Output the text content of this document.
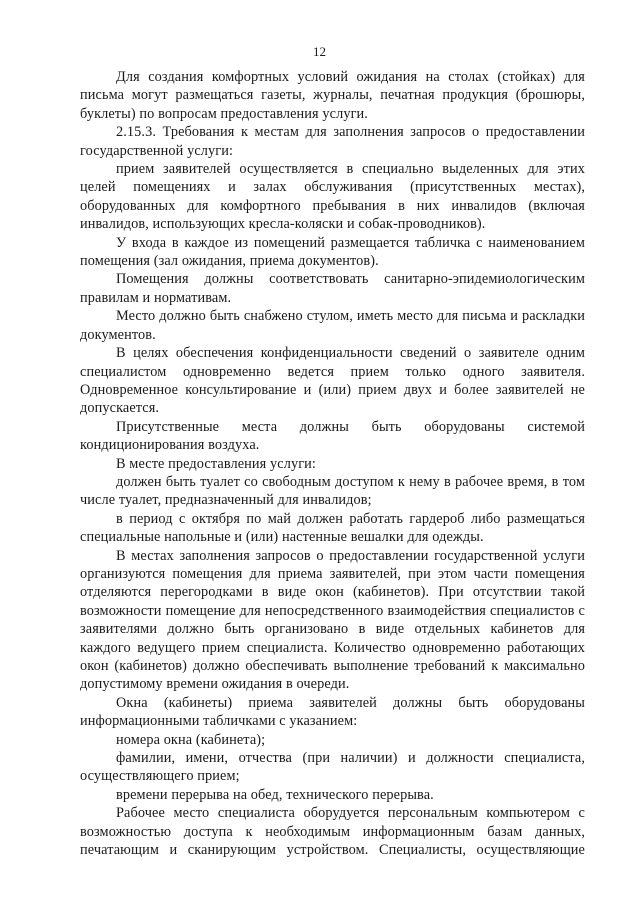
12

Для создания комфортных условий ожидания на столах (стойках) для письма могут размещаться газеты, журналы, печатная продукция (брошюры, буклеты) по вопросам предоставления услуги.

2.15.3. Требования к местам для заполнения запросов о предоставлении государственной услуги:

прием заявителей осуществляется в специально выделенных для этих целей помещениях и залах обслуживания (присутственных местах), оборудованных для комфортного пребывания в них инвалидов (включая инвалидов, использующих кресла-коляски и собак-проводников).

У входа в каждое из помещений размещается табличка с наименованием помещения (зал ожидания, приема документов).

Помещения должны соответствовать санитарно-эпидемиологическим правилам и нормативам.

Место должно быть снабжено стулом, иметь место для письма и раскладки документов.

В целях обеспечения конфиденциальности сведений о заявителе одним специалистом одновременно ведется прием только одного заявителя. Одновременное консультирование и (или) прием двух и более заявителей не допускается.

Присутственные места должны быть оборудованы системой кондиционирования воздуха.

В месте предоставления услуги:

должен быть туалет со свободным доступом к нему в рабочее время, в том числе туалет, предназначенный для инвалидов;

в период с октября по май должен работать гардероб либо размещаться специальные напольные и (или) настенные вешалки для одежды.

В местах заполнения запросов о предоставлении государственной услуги организуются помещения для приема заявителей, при этом части помещения отделяются перегородками в виде окон (кабинетов). При отсутствии такой возможности помещение для непосредственного взаимодействия специалистов с заявителями должно быть организовано в виде отдельных кабинетов для каждого ведущего прием специалиста. Количество одновременно работающих окон (кабинетов) должно обеспечивать выполнение требований к максимально допустимому времени ожидания в очереди.

Окна (кабинеты) приема заявителей должны быть оборудованы информационными табличками с указанием:

номера окна (кабинета);

фамилии, имени, отчества (при наличии) и должности специалиста, осуществляющего прием;

времени перерыва на обед, технического перерыва.

Рабочее место специалиста оборудуется персональным компьютером с возможностью доступа к необходимым информационным базам данных, печатающим и сканирующим устройством. Специалисты, осуществляющие
